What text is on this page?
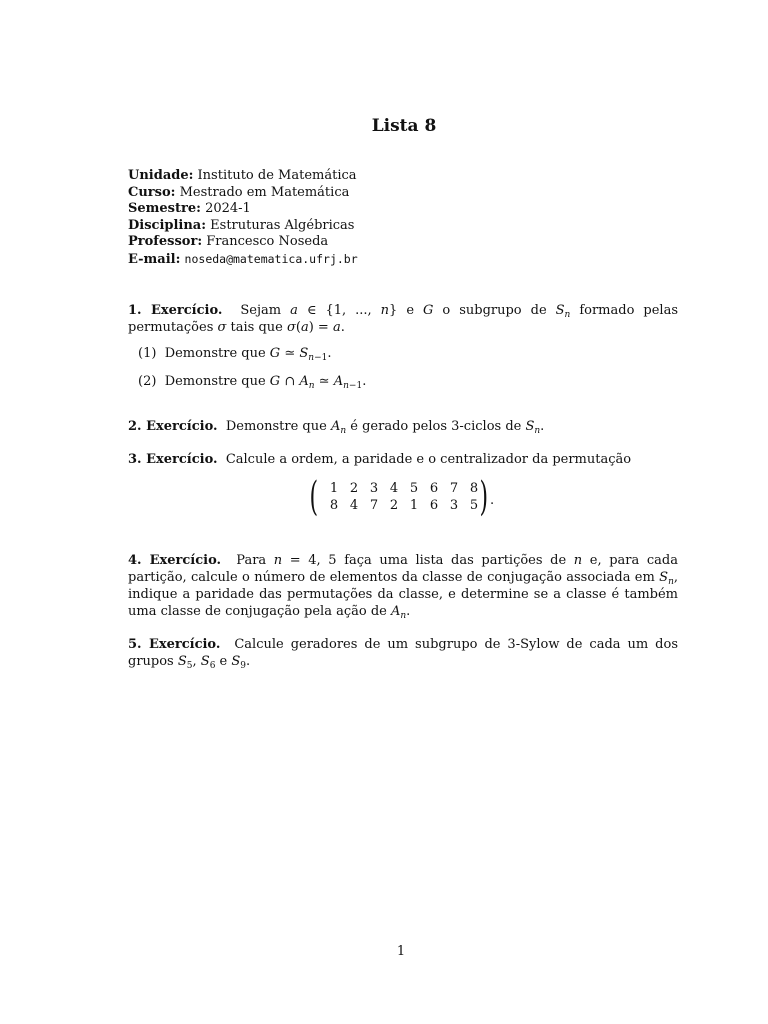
Lista 8
Unidade: Instituto de Matemática
Curso: Mestrado em Matemática
Semestre: 2024-1
Disciplina: Estruturas Algébricas
Professor: Francesco Noseda
E-mail: noseda@matematica.ufrj.br
1. Exercício. Sejam a ∈ {1, ..., n} e G o subgrupo de $S_n$ formado pelas permutações σ tais que σ(a) = a.
(1) Demonstre que G ≃ $S_{n-1}$.
(2) Demonstre que G ∩ $A_n$ ≃ $A_{n-1}$.
2. Exercício. Demonstre que $A_n$ é gerado pelos 3-ciclos de $S_n$.
3. Exercício. Calcule a ordem, a paridade e o centralizador da permutação
( 1 2 3 4 5 6 7 8
8 4 7 2 1 6 3 5 ) .
4. Exercício. Para n = 4, 5 faça uma lista das partições de n e, para cada partição, calcule o número de elementos da classe de conjugação associada em $S_n$, indique a paridade das permutações da classe, e determine se a classe é também uma classe de conjugação pela ação de $A_n$.
5. Exercício. Calcule geradores de um subgrupo de 3-Sylow de cada um dos grupos $S_5$, $S_6$ e $S_9$.
1
